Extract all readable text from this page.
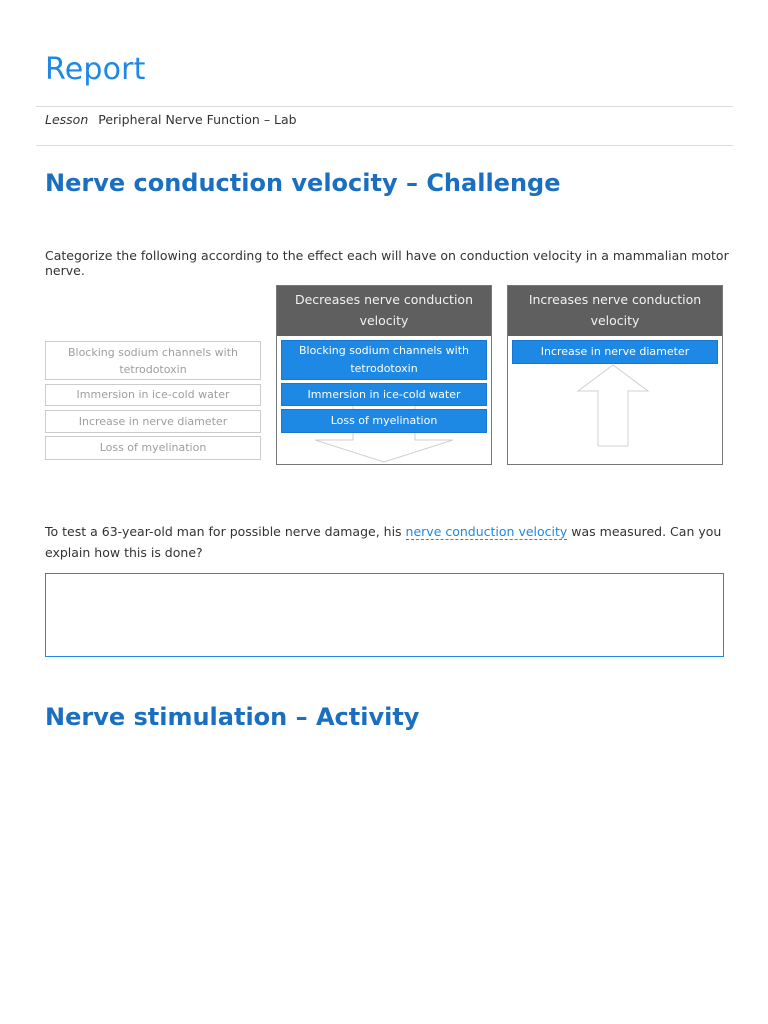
Report
Lesson Peripheral Nerve Function – Lab
Nerve conduction velocity – Challenge

Categorize the following according to the effect each will have on conduction velocity in a mammalian motor nerve.

Blocking sodium channels with tetrodotoxin
Immersion in ice-cold water
Increase in nerve diameter
Loss of myelination
Decreases nerve conduction velocity
Blocking sodium channels with tetrodotoxin
Immersion in ice-cold water
Loss of myelination
Increases nerve conduction velocity
Increase in nerve diameter

To test a 63-year-old man for possible nerve damage, his nerve conduction velocity was measured. Can you explain how this is done?

Nerve stimulation – Activity
